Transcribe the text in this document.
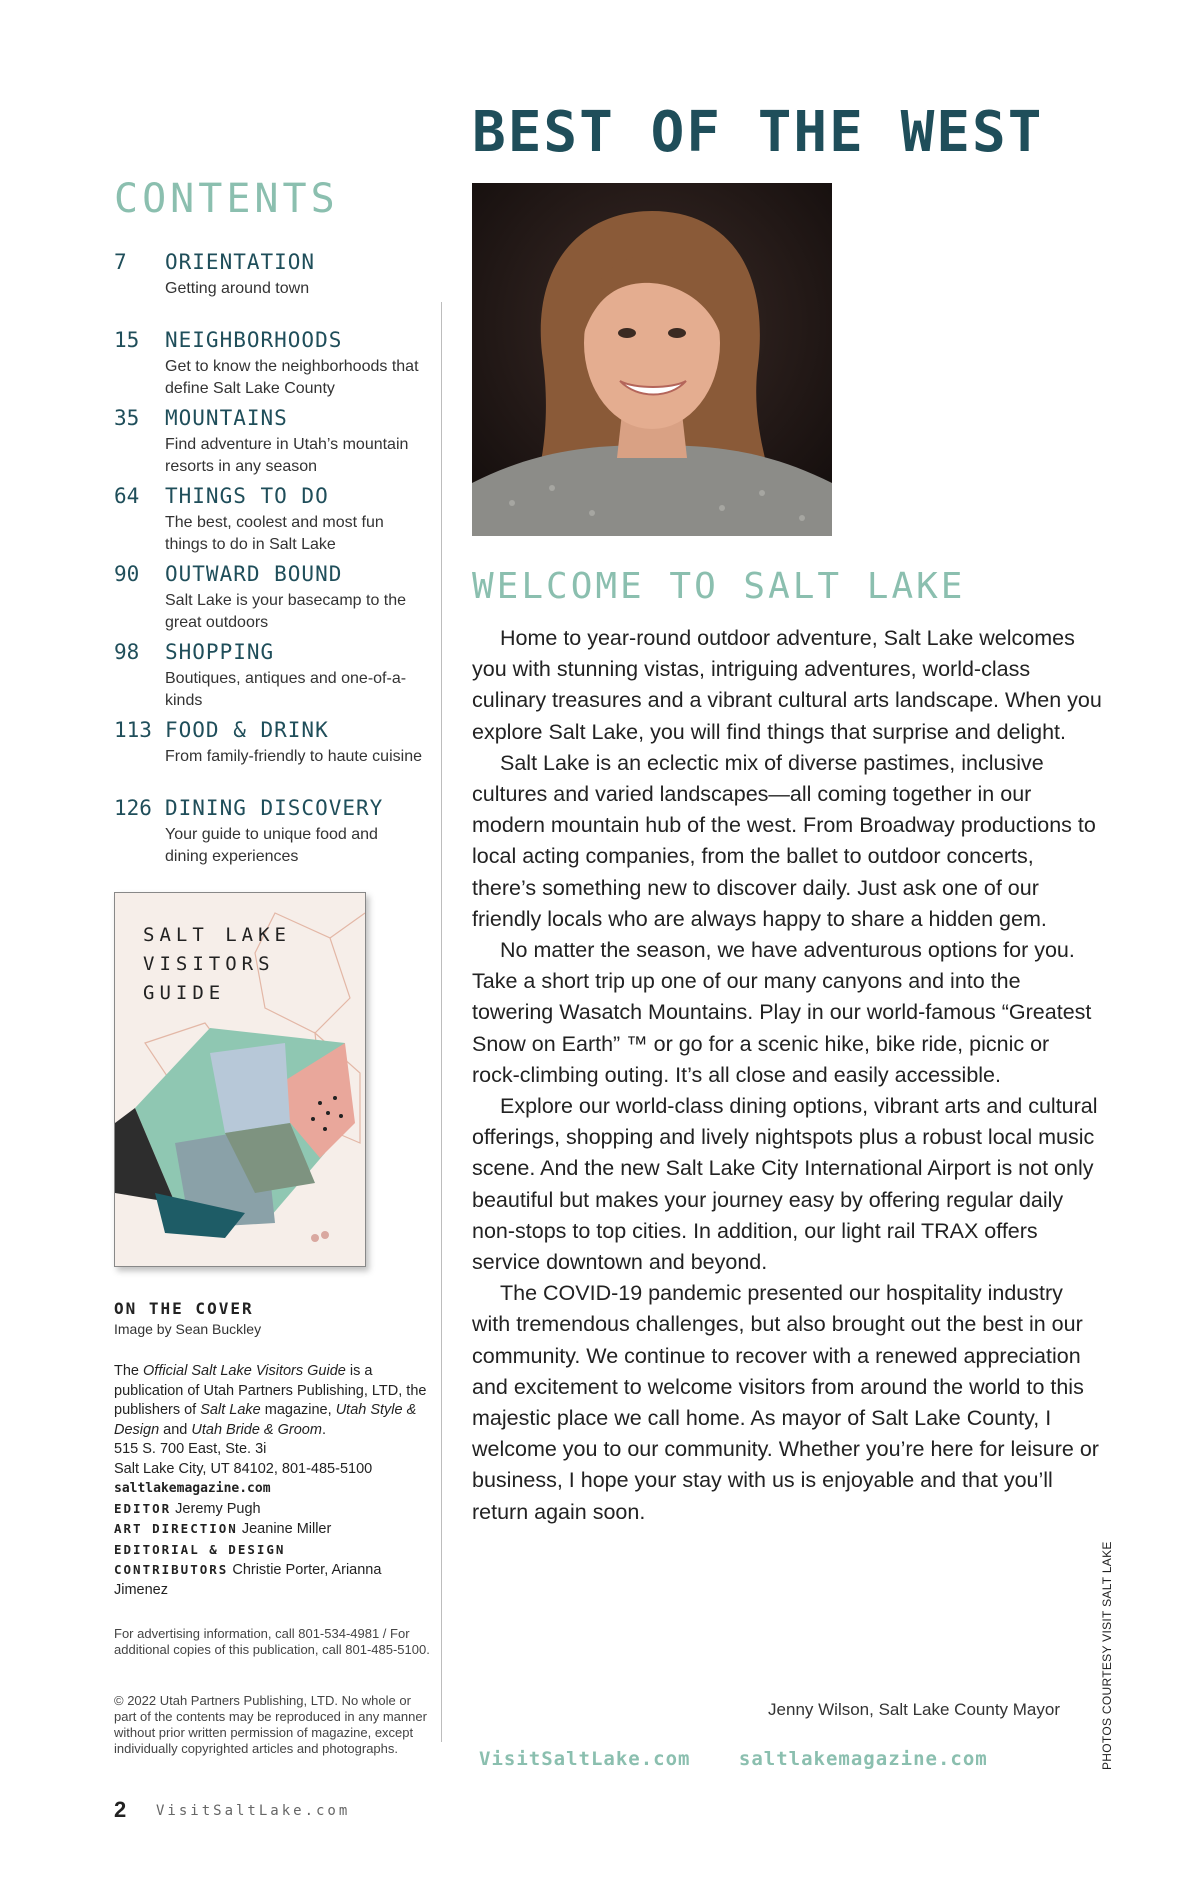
BEST OF THE WEST
CONTENTS
7 ORIENTATION
Getting around town
15 NEIGHBORHOODS
Get to know the neighborhoods that define Salt Lake County
35 MOUNTAINS
Find adventure in Utah’s mountain resorts in any season
64 THINGS TO DO
The best, coolest and most fun things to do in Salt Lake
90 OUTWARD BOUND
Salt Lake is your basecamp to the great outdoors
98 SHOPPING
Boutiques, antiques and one-of-a-kinds
113 FOOD & DRINK
From family-friendly to haute cuisine
126 DINING DISCOVERY
Your guide to unique food and dining experiences
SALT LAKE
VISITORS
GUIDE
ON THE COVER
Image by Sean Buckley
The Official Salt Lake Visitors Guide is a publication of Utah Partners Publishing, LTD, the publishers of Salt Lake magazine, Utah Style & Design and Utah Bride & Groom.
515 S. 700 East, Ste. 3i
Salt Lake City, UT 84102, 801-485-5100
saltlakemagazine.com
EDITOR Jeremy Pugh
ART DIRECTION Jeanine Miller
EDITORIAL & DESIGN
CONTRIBUTORS Christie Porter, Arianna Jimenez
For advertising information, call 801-534-4981 / For additional copies of this publication, call 801-485-5100.
© 2022 Utah Partners Publishing, LTD. No whole or part of the contents may be reproduced in any manner without prior written permission of magazine, except individually copyrighted articles and photographs.
2 VisitSaltLake.com
WELCOME TO SALT LAKE

Home to year-round outdoor adventure, Salt Lake welcomes you with stunning vistas, intriguing adventures, world-class culinary treasures and a vibrant cultural arts landscape. When you explore Salt Lake, you will find things that surprise and delight.

Salt Lake is an eclectic mix of diverse pastimes, inclusive cultures and varied landscapes—all coming together in our modern mountain hub of the west. From Broadway productions to local acting companies, from the ballet to outdoor concerts, there’s something new to discover daily. Just ask one of our friendly locals who are always happy to share a hidden gem.

No matter the season, we have adventurous options for you. Take a short trip up one of our many canyons and into the towering Wasatch Mountains. Play in our world-famous “Greatest Snow on Earth” ™ or go for a scenic hike, bike ride, picnic or rock-climbing outing. It’s all close and easily accessible.

Explore our world-class dining options, vibrant arts and cultural offerings, shopping and lively nightspots plus a robust local music scene. And the new Salt Lake City International Airport is not only beautiful but makes your journey easy by offering regular daily non-stops to top cities. In addition, our light rail TRAX offers service downtown and beyond.

The COVID-19 pandemic presented our hospitality industry with tremendous challenges, but also brought out the best in our community. We continue to recover with a renewed appreciation and excitement to welcome visitors from around the world to this majestic place we call home. As mayor of Salt Lake County, I welcome you to our community. Whether you’re here for leisure or business, I hope your stay with us is enjoyable and that you’ll return again soon.

Jenny Wilson, Salt Lake County Mayor
VisitSaltLake.com	saltlakemagazine.com	PHOTOS COURTESY VISIT SALT LAKE
